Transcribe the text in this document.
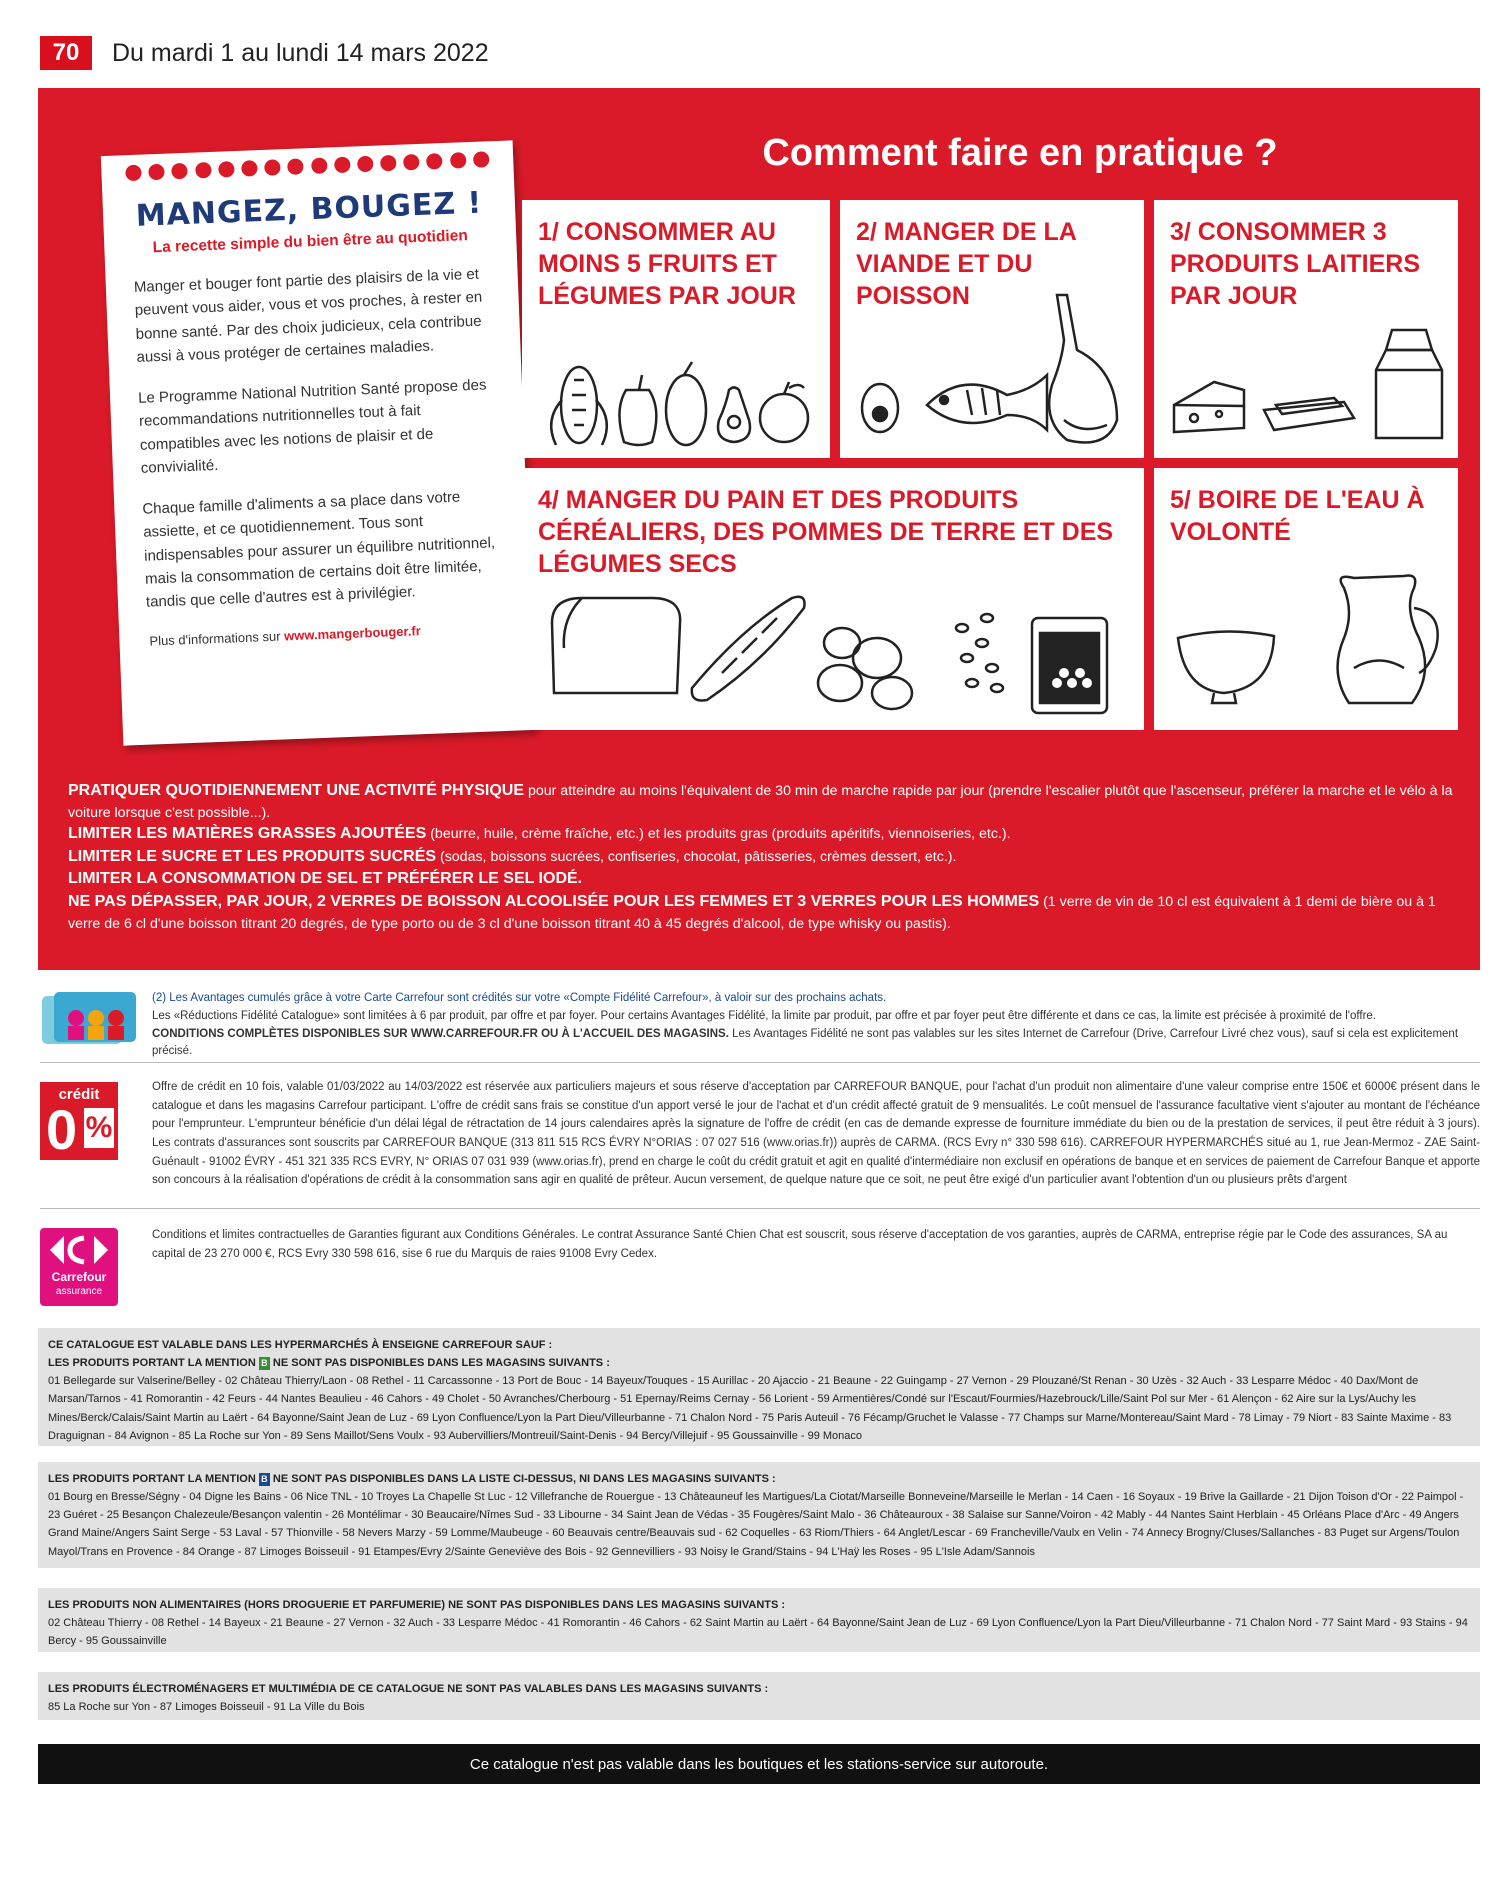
70	Du mardi 1 au lundi 14 mars 2022
MANGEZ, BOUGEZ !
La recette simple du bien être au quotidien

Manger et bouger font partie des plaisirs de la vie et peuvent vous aider, vous et vos proches, à rester en bonne santé. Par des choix judicieux, cela contribue aussi à vous protéger de certaines maladies.

Le Programme National Nutrition Santé propose des recommandations nutritionnelles tout à fait compatibles avec les notions de plaisir et de convivialité.

Chaque famille d'aliments a sa place dans votre assiette, et ce quotidiennement. Tous sont indispensables pour assurer un équilibre nutritionnel, mais la consommation de certains doit être limitée, tandis que celle d'autres est à privilégier.

Plus d'informations sur www.mangerbouger.fr

Comment faire en pratique ?
1/ CONSOMMER AU MOINS 5 FRUITS ET LÉGUMES PAR JOUR
2/ MANGER DE LA VIANDE ET DU POISSON
3/ CONSOMMER 3 PRODUITS LAITIERS PAR JOUR
4/ MANGER DU PAIN ET DES PRODUITS CÉRÉALIERS, DES POMMES DE TERRE ET DES LÉGUMES SECS
5/ BOIRE DE L'EAU À VOLONTÉ

PRATIQUER QUOTIDIENNEMENT UNE ACTIVITÉ PHYSIQUE pour atteindre au moins l'équivalent de 30 min de marche rapide par jour (prendre l'escalier plutôt que l'ascenseur, préférer la marche et le vélo à la voiture lorsque c'est possible...).

LIMITER LES MATIÈRES GRASSES AJOUTÉES (beurre, huile, crème fraîche, etc.) et les produits gras (produits apéritifs, viennoiseries, etc.).

LIMITER LE SUCRE ET LES PRODUITS SUCRÉS (sodas, boissons sucrées, confiseries, chocolat, pâtisseries, crèmes dessert, etc.).

LIMITER LA CONSOMMATION DE SEL ET PRÉFÉRER LE SEL IODÉ.

NE PAS DÉPASSER, PAR JOUR, 2 VERRES DE BOISSON ALCOOLISÉE POUR LES FEMMES ET 3 VERRES POUR LES HOMMES (1 verre de vin de 10 cl est équivalent à 1 demi de bière ou à 1 verre de 6 cl d'une boisson titrant 20 degrés, de type porto ou de 3 cl d'une boisson titrant 40 à 45 degrés d'alcool, de type whisky ou pastis).

(2) Les Avantages cumulés grâce à votre Carte Carrefour sont crédités sur votre «Compte Fidélité Carrefour», à valoir sur des prochains achats.
Les «Réductions Fidélité Catalogue» sont limitées à 6 par produit, par offre et par foyer. Pour certains Avantages Fidélité, la limite par produit, par offre et par foyer peut être différente et dans ce cas, la limite est précisée à proximité de l'offre.
CONDITIONS COMPLÈTES DISPONIBLES SUR WWW.CARREFOUR.FR OU À L'ACCUEIL DES MAGASINS. Les Avantages Fidélité ne sont pas valables sur les sites Internet de Carrefour (Drive, Carrefour Livré chez vous), sauf si cela est explicitement précisé.
crédit
0 %
Offre de crédit en 10 fois, valable 01/03/2022 au 14/03/2022 est réservée aux particuliers majeurs et sous réserve d'acceptation par CARREFOUR BANQUE, pour l'achat d'un produit non alimentaire d'une valeur comprise entre 150€ et 6000€ présent dans le catalogue et dans les magasins Carrefour participant. L'offre de crédit sans frais se constitue d'un apport versé le jour de l'achat et d'un crédit affecté gratuit de 9 mensualités. Le coût mensuel de l'assurance facultative vient s'ajouter au montant de l'échéance pour l'emprunteur. L'emprunteur bénéficie d'un délai légal de rétractation de 14 jours calendaires après la signature de l'offre de crédit (en cas de demande expresse de fourniture immédiate du bien ou de la prestation de services, il peut être réduit à 3 jours). Les contrats d'assurances sont souscrits par CARREFOUR BANQUE (313 811 515 RCS ÉVRY N°ORIAS : 07 027 516 (www.orias.fr)) auprès de CARMA. (RCS Evry n° 330 598 616). CARREFOUR HYPERMARCHÉS situé au 1, rue Jean-Mermoz - ZAE Saint-Guénault - 91002 ÉVRY - 451 321 335 RCS EVRY, N° ORIAS 07 031 939 (www.orias.fr), prend en charge le coût du crédit gratuit et agit en qualité d'intermédiaire non exclusif en opérations de banque et en services de paiement de Carrefour Banque et apporte son concours à la réalisation d'opérations de crédit à la consommation sans agir en qualité de prêteur. Aucun versement, de quelque nature que ce soit, ne peut être exigé d'un particulier avant l'obtention d'un ou plusieurs prêts d'argent
Carrefour
assurance
Conditions et limites contractuelles de Garanties figurant aux Conditions Générales. Le contrat Assurance Santé Chien Chat est souscrit, sous réserve d'acceptation de vos garanties, auprès de CARMA, entreprise régie par le Code des assurances, SA au capital de 23 270 000 €, RCS Evry 330 598 616, sise 6 rue du Marquis de raies 91008 Evry Cedex.
CE CATALOGUE EST VALABLE DANS LES HYPERMARCHÉS À ENSEIGNE CARREFOUR SAUF :
LES PRODUITS PORTANT LA MENTION B NE SONT PAS DISPONIBLES DANS LES MAGASINS SUIVANTS :
01 Bellegarde sur Valserine/Belley - 02 Château Thierry/Laon - 08 Rethel - 11 Carcassonne - 13 Port de Bouc - 14 Bayeux/Touques - 15 Aurillac - 20 Ajaccio - 21 Beaune - 22 Guingamp - 27 Vernon - 29 Plouzané/St Renan - 30 Uzès - 32 Auch - 33 Lesparre Médoc - 40 Dax/Mont de Marsan/Tarnos - 41 Romorantin - 42 Feurs - 44 Nantes Beaulieu - 46 Cahors - 49 Cholet - 50 Avranches/Cherbourg - 51 Epernay/Reims Cernay - 56 Lorient - 59 Armentières/Condé sur l'Escaut/Fourmies/Hazebrouck/Lille/Saint Pol sur Mer - 61 Alençon - 62 Aire sur la Lys/Auchy les Mines/Berck/Calais/Saint Martin au Laërt - 64 Bayonne/Saint Jean de Luz - 69 Lyon Confluence/Lyon la Part Dieu/Villeurbanne - 71 Chalon Nord - 75 Paris Auteuil - 76 Fécamp/Gruchet le Valasse - 77 Champs sur Marne/Montereau/Saint Mard - 78 Limay - 79 Niort - 83 Sainte Maxime - 83 Draguignan - 84 Avignon - 85 La Roche sur Yon - 89 Sens Maillot/Sens Voulx - 93 Aubervilliers/Montreuil/Saint-Denis - 94 Bercy/Villejuif - 95 Goussainville - 99 Monaco
LES PRODUITS PORTANT LA MENTION B NE SONT PAS DISPONIBLES DANS LA LISTE CI-DESSUS, NI DANS LES MAGASINS SUIVANTS :
01 Bourg en Bresse/Ségny - 04 Digne les Bains - 06 Nice TNL - 10 Troyes La Chapelle St Luc - 12 Villefranche de Rouergue - 13 Châteauneuf les Martigues/La Ciotat/Marseille Bonneveine/Marseille le Merlan - 14 Caen - 16 Soyaux - 19 Brive la Gaillarde - 21 Dijon Toison d'Or - 22 Paimpol - 23 Guéret - 25 Besançon Chalezeule/Besançon valentin - 26 Montélimar - 30 Beaucaire/Nîmes Sud - 33 Libourne - 34 Saint Jean de Védas - 35 Fougères/Saint Malo - 36 Châteauroux - 38 Salaise sur Sanne/Voiron - 42 Mably - 44 Nantes Saint Herblain - 45 Orléans Place d'Arc - 49 Angers Grand Maine/Angers Saint Serge - 53 Laval - 57 Thionville - 58 Nevers Marzy - 59 Lomme/Maubeuge - 60 Beauvais centre/Beauvais sud - 62 Coquelles - 63 Riom/Thiers - 64 Anglet/Lescar - 69 Francheville/Vaulx en Velin - 74 Annecy Brogny/Cluses/Sallanches - 83 Puget sur Argens/Toulon Mayol/Trans en Provence - 84 Orange - 87 Limoges Boisseuil - 91 Etampes/Evry 2/Sainte Geneviève des Bois - 92 Gennevilliers - 93 Noisy le Grand/Stains - 94 L'Haÿ les Roses - 95 L'Isle Adam/Sannois
LES PRODUITS NON ALIMENTAIRES (HORS DROGUERIE ET PARFUMERIE) NE SONT PAS DISPONIBLES DANS LES MAGASINS SUIVANTS :
02 Château Thierry - 08 Rethel - 14 Bayeux - 21 Beaune - 27 Vernon - 32 Auch - 33 Lesparre Médoc - 41 Romorantin - 46 Cahors - 62 Saint Martin au Laërt - 64 Bayonne/Saint Jean de Luz - 69 Lyon Confluence/Lyon la Part Dieu/Villeurbanne - 71 Chalon Nord - 77 Saint Mard - 93 Stains - 94 Bercy - 95 Goussainville
LES PRODUITS ÉLECTROMÉNAGERS ET MULTIMÉDIA DE CE CATALOGUE NE SONT PAS VALABLES DANS LES MAGASINS SUIVANTS :
85 La Roche sur Yon - 87 Limoges Boisseuil - 91 La Ville du Bois
Ce catalogue n'est pas valable dans les boutiques et les stations-service sur autoroute.
